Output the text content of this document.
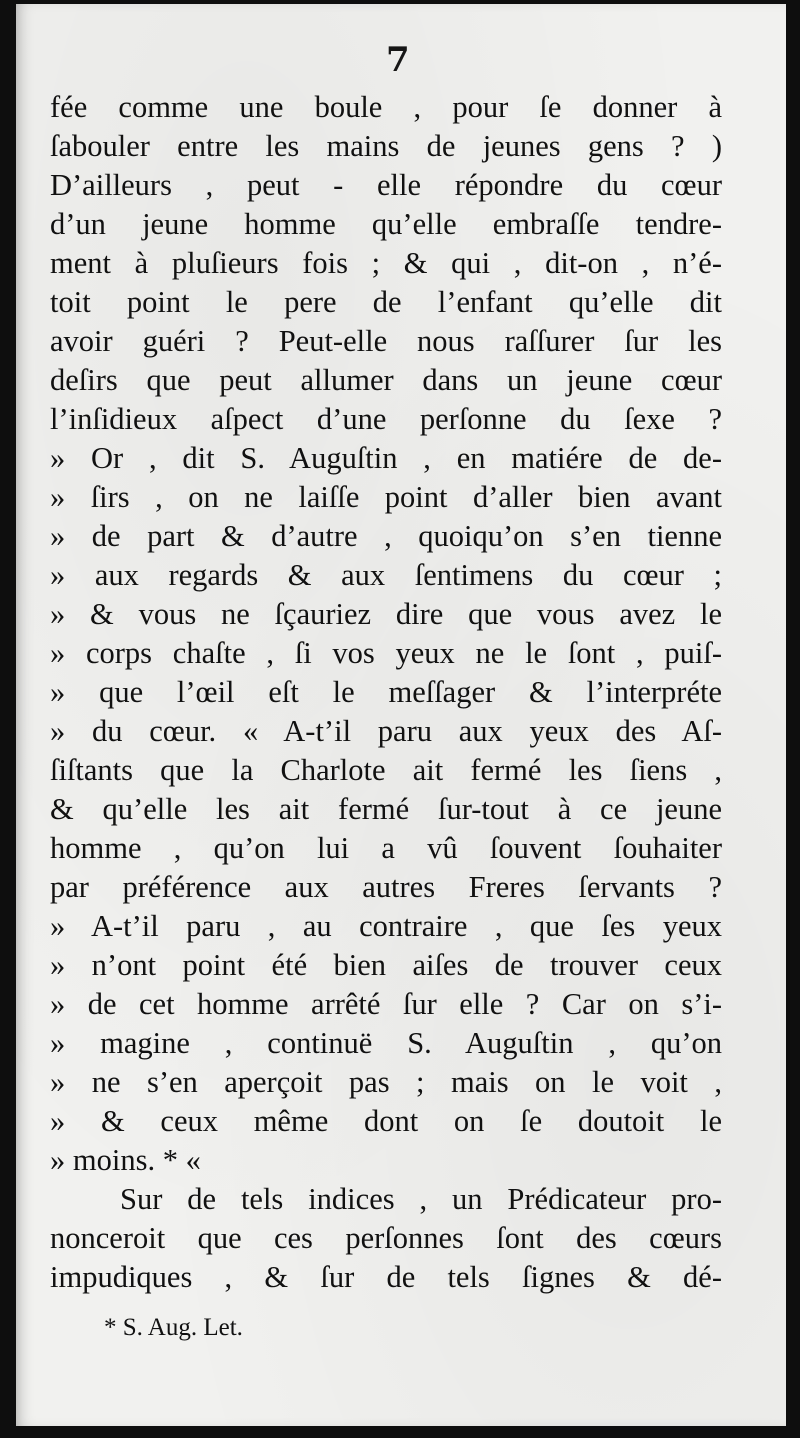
7
fée comme une boule , pour ſe donner à
ſabouler entre les mains de jeunes gens ? )
D’ailleurs , peut - elle répondre du cœur
d’un jeune homme qu’elle embraſſe tendre-
ment à pluſieurs fois ; & qui , dit-on , n’é-
toit point le pere de l’enfant qu’elle dit
avoir guéri ? Peut-elle nous raſſurer ſur les
deſirs que peut allumer dans un jeune cœur
l’inſidieux aſpect d’une perſonne du ſexe ?
» Or , dit S. Auguſtin , en matiére de de-
» ſirs , on ne laiſſe point d’aller bien avant
» de part & d’autre , quoiqu’on s’en tienne
» aux regards & aux ſentimens du cœur ;
» & vous ne ſçauriez dire que vous avez le
» corps chaſte , ſi vos yeux ne le ſont , puiſ-
» que l’œil eſt le meſſager & l’interpréte
» du cœur. « A-t’il paru aux yeux des Aſ-
ſiſtants que la Charlote ait fermé les ſiens ,
& qu’elle les ait fermé ſur-tout à ce jeune
homme , qu’on lui a vû ſouvent ſouhaiter
par préférence aux autres Freres ſervants ?
» A-t’il paru , au contraire , que ſes yeux
» n’ont point été bien aiſes de trouver ceux
» de cet homme arrêté ſur elle ? Car on s’i-
» magine , continuë S. Auguſtin , qu’on
» ne s’en aperçoit pas ; mais on le voit ,
» & ceux même dont on ſe doutoit le
» moins. * «
Sur de tels indices , un Prédicateur pro-
nonceroit que ces perſonnes ſont des cœurs
impudiques , & ſur de tels ſignes & dé-
* S. Aug. Let.
